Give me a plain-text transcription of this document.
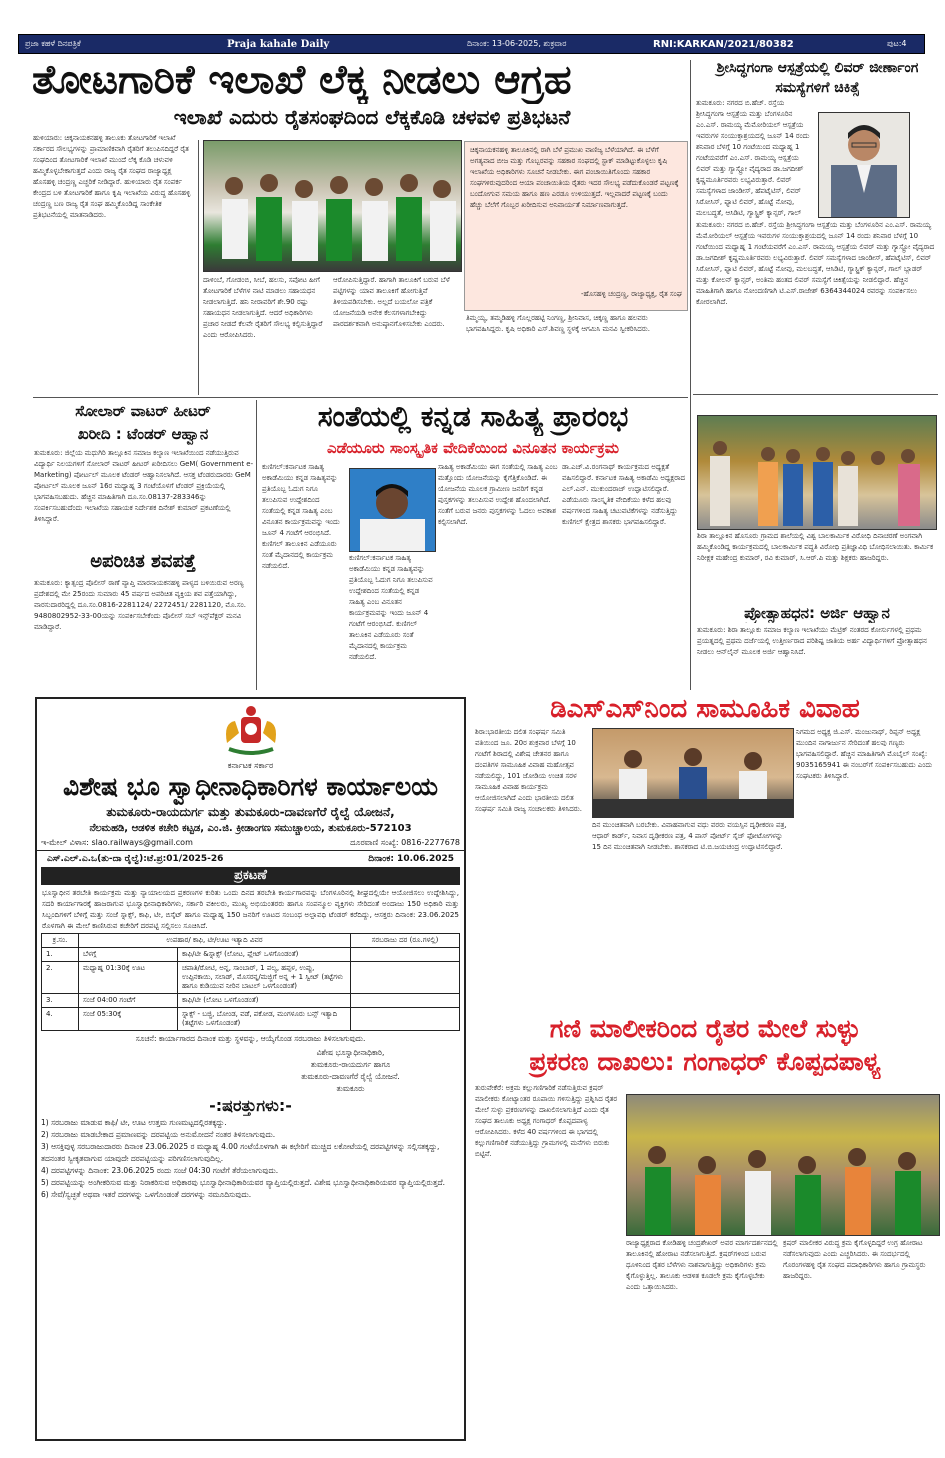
ಪ್ರಜಾ ಕಹಳೆ ದಿನಪತ್ರಿಕೆ	Praja kahale Daily	ದಿನಾಂಕ: 13-06-2025, ಶುಕ್ರವಾರ	RNI:KARKAN/2021/80382	ಪುಟ:4
ತೋಟಗಾರಿಕೆ ಇಲಾಖೆ ಲೆಕ್ಕ ನೀಡಲು ಆಗ್ರಹ
ಇಲಾಖೆ ಎದುರು ರೈತಸಂಘದಿಂದ ಲೆಕ್ಕಕೊಡಿ ಚಳವಳಿ ಪ್ರತಿಭಟನೆ
ಹುಳಿಯಾರು: ಚಿಕ್ಕನಾಯಕನಹಳ್ಳಿ ತಾಲೂಕು ತೋಟಗಾರಿಕೆ ಇಲಾಖೆ ಸರ್ಕಾರದ ಸೌಲಭ್ಯಗಳನ್ನು ಪ್ರಾಮಾಣಿಕವಾಗಿ ರೈತರಿಗೆ ತಲುಪಿಸದಿದ್ದರೆ ರೈತ ಸಂಘದಿಂದ ತೋಟಗಾರಿಕೆ ಇಲಾಖೆ ಮುಂದೆ ಲೆಕ್ಕ ಕೊಡಿ ಚಳುವಳಿ ಹಮ್ಮಿಕೊಳ್ಳಬೇಕಾಗುತ್ತದೆ ಎಂದು ರಾಜ್ಯ ರೈತ ಸಂಘದ ರಾಜ್ಯಾಧ್ಯಕ್ಷ ಹೊಸಹಳ್ಳಿ ಚಂದ್ರಣ್ಣ ಎಚ್ಚರಿಕೆ ನೀಡಿದ್ದಾರೆ. ಹುಳಿಯಾರು ರೈತ ಸಂಪರ್ಕ ಕೇಂದ್ರದ ಬಳಿ ತೋಟಗಾರಿಕೆ ಹಾಗೂ ಕೃಷಿ ಇಲಾಖೆಯ ವಿರುದ್ಧ ಹೊಸಹಳ್ಳಿ ಚಂದ್ರಣ್ಣ ಬಣ ರಾಜ್ಯ ರೈತ ಸಂಘ ಹಮ್ಮಿಕೊಂಡಿದ್ದ ಸಾಂಕೇತಿಕ ಪ್ರತಿಭಟನೆಯಲ್ಲಿ ಮಾತನಾಡಿದರು.
ದಾಳಿಂಬೆ, ಗೋಡಂಬಿ, ಸೀಬೆ, ಹಲಸು, ಸಪೋಟ ಹೀಗೆ ತೋಟಗಾರಿಕೆ ಬೆಳೆಗಳ ನಾಟಿ ಮಾಡಲು ಸಹಾಯಧನ ನೀಡಲಾಗುತ್ತಿದೆ. ಹನಿ ನೀರಾವರಿಗೆ ಶೇ.90 ರಷ್ಟು ಸಹಾಯಧನ ನೀಡಲಾಗುತ್ತಿದೆ. ಆದರೆ ಅಧಿಕಾರಿಗಳು ಪ್ರಚಾರ ನೀಡದೆ ಕೆಲವೇ ರೈತರಿಗೆ ಸೌಲಭ್ಯ ಕಲ್ಪಿಸುತ್ತಿದ್ದಾರೆ ಎಂದು ಆರೋಪಿಸಿದರು.
ಆರೋಪಿಸುತ್ತಿದ್ದಾರೆ. ಹಾಗಾಗಿ ತಾಲೂಕಿಗೆ ಬರುವ ಬೆಳೆ ಪಟ್ಟಿಗಳನ್ನು ಯಾವ ತಾಲೂಕಿಗೆ ಹೋಗುತ್ತಿವೆ ತಿಳಿಯಪಡಿಸಬೇಕು. ಅಲ್ಲದೆ ಬಯಲೋ ಪತ್ರಿಕೆ ಯೋಜನೆಯಡಿ ಅನೇಕ ಕೆಲಸಗಳಾಗಬೇಕಿದ್ದು ಪಾರದರ್ಶಕವಾಗಿ ಅನುಷ್ಠಾನಗೊಳಿಸಬೇಕು ಎಂದರು.
ಚಿಕ್ಕನಾಯಕನಹಳ್ಳಿ ತಾಲೂಕಿನಲ್ಲಿ ರಾಗಿ ಬೆಳೆ ಪ್ರಮುಖ ವಾಣಿಜ್ಯ ಬೆಳೆಯಾಗಿದೆ. ಈ ಬೆಳೆಗೆ ಅಗತ್ಯವಾದ ಬೀಜ ಮತ್ತು ಗೊಬ್ಬರವನ್ನು ಸಹಕಾರ ಸಂಘದಲ್ಲಿ ಸ್ಟಾಕ್ ಮಾಡಿಟ್ಟುಕೊಳ್ಳಲು ಕೃಷಿ ಇಲಾಖೆಯ ಅಧಿಕಾರಿಗಳು ಸೂಚನೆ ನೀಡಬೇಕು. ಈಗ ಪಂಚಾಯಿತಿಗೊಂದು ಸಹಕಾರ ಸಂಘಗಳಿರುವುದರಿಂದ ಆಯಾ ಪಂಚಾಯಿತಿಯ ರೈತರು ಇದರ ಸೌಲಭ್ಯ ಪಡೆದುಕೊಂಡರೆ ಪಟ್ಟಣಕ್ಕೆ ಬಂದೋಗುವ ಸಮಯ ಹಾಗೂ ಹಣ ಎರಡೂ ಉಳಿಯುತ್ತದೆ. ಇಲ್ಲವಾದರೆ ಪಟ್ಟಣಕ್ಕೆ ಬಂದು ಹೆಚ್ಚು ಬೆಲೆಗೆ ಗೊಬ್ಬರ ಖರೀದಿಸುವ ಅನಿವಾರ್ಯತೆ ನಿರ್ಮಾಣವಾಗುತ್ತದೆ.
-ಹೊಸಹಳ್ಳಿ ಚಂದ್ರಣ್ಣ, ರಾಜ್ಯಾಧ್ಯಕ್ಷ, ರೈತ ಸಂಘ
ತಿಮ್ಮಯ್ಯ, ತಮ್ಮಡಿಹಳ್ಳಿ ಗೊಲ್ಲರಹಟ್ಟಿ ನಿಂಗಣ್ಣ, ಶ್ರೀನಿವಾಸ, ಚಿಕ್ಕಣ್ಣ ಹಾಗೂ ಹಲವರು ಭಾಗವಹಿಸಿದ್ದರು. ಕೃಷಿ ಅಧಿಕಾರಿ ಎಸ್.ಶಿವಣ್ಣ ಸ್ಥಳಕ್ಕೆ ಆಗಮಿಸಿ ಮನವಿ ಸ್ವೀಕರಿಸಿದರು.
ಶ್ರೀಸಿದ್ಧಗಂಗಾ ಆಸ್ಪತ್ರೆಯಲ್ಲಿ ಲಿವರ್ ಜೀರ್ಣಾಂಗ ಸಮಸ್ಯೆಗಳಿಗೆ ಚಿಕಿತ್ಸೆ
ತುಮಕೂರು: ನಗರದ ಬಿ.ಹೆಚ್. ರಸ್ತೆಯ ಶ್ರೀಸಿದ್ಧಗಂಗಾ ಆಸ್ಪತ್ರೆಯ ಮತ್ತು ಬೆಂಗಳೂರಿನ ಎಂ.ಎಸ್. ರಾಮಯ್ಯ ಮೆಮೋರಿಯಲ್ ಆಸ್ಪತ್ರೆಯ ಇವರುಗಳ ಸಂಯುಕ್ತಾಶ್ರಯದಲ್ಲಿ ಜೂನ್ 14 ರಂದು ಶನಿವಾರ ಬೆಳಗ್ಗೆ 10 ಗಂಟೆಯಿಂದ ಮಧ್ಯಾಹ್ನ 1 ಗಂಟೆಯವರೆಗೆ ಎಂ.ಎಸ್. ರಾಮಯ್ಯ ಆಸ್ಪತ್ರೆಯ ಲಿವರ್ ಮತ್ತು ಗ್ಯಾಸ್ಟ್ರೋ ವೈದ್ಯರಾದ ಡಾ.ಜಗದೀಶ್ ಕೃಷ್ಣಮೂರ್ತಿರವರು ಲಭ್ಯವಿರುತ್ತಾರೆ. ಲಿವರ್ ಸಮಸ್ಯೆಗಳಾದ ಜಾಂಡೀಸ್, ಹೆಪಟೈಟಿಸ್, ಲಿವರ್ ಸಿರೋಸಿಸ್, ಫ್ಯಾಟಿ ಲಿವರ್, ಹೊಟ್ಟೆ ನೋವು, ಮಲಬದ್ಧತೆ, ಆಸಿಡಿಟಿ, ಗ್ಯಾಸ್ಟ್ರಿಕ್ ಕ್ಯಾನ್ಸರ್, ಗಾಲ್
ತುಮಕೂರು: ನಗರದ ಬಿ.ಹೆಚ್. ರಸ್ತೆಯ ಶ್ರೀಸಿದ್ಧಗಂಗಾ ಆಸ್ಪತ್ರೆಯ ಮತ್ತು ಬೆಂಗಳೂರಿನ ಎಂ.ಎಸ್. ರಾಮಯ್ಯ ಮೆಮೋರಿಯಲ್ ಆಸ್ಪತ್ರೆಯ ಇವರುಗಳ ಸಂಯುಕ್ತಾಶ್ರಯದಲ್ಲಿ ಜೂನ್ 14 ರಂದು ಶನಿವಾರ ಬೆಳಗ್ಗೆ 10 ಗಂಟೆಯಿಂದ ಮಧ್ಯಾಹ್ನ 1 ಗಂಟೆಯವರೆಗೆ ಎಂ.ಎಸ್. ರಾಮಯ್ಯ ಆಸ್ಪತ್ರೆಯ ಲಿವರ್ ಮತ್ತು ಗ್ಯಾಸ್ಟ್ರೋ ವೈದ್ಯರಾದ ಡಾ.ಜಗದೀಶ್ ಕೃಷ್ಣಮೂರ್ತಿರವರು ಲಭ್ಯವಿರುತ್ತಾರೆ. ಲಿವರ್ ಸಮಸ್ಯೆಗಳಾದ ಜಾಂಡೀಸ್, ಹೆಪಟೈಟಿಸ್, ಲಿವರ್ ಸಿರೋಸಿಸ್, ಫ್ಯಾಟಿ ಲಿವರ್, ಹೊಟ್ಟೆ ನೋವು, ಮಲಬದ್ಧತೆ, ಆಸಿಡಿಟಿ, ಗ್ಯಾಸ್ಟ್ರಿಕ್ ಕ್ಯಾನ್ಸರ್, ಗಾಲ್ ಬ್ಲಾಡರ್ ಮತ್ತು ಕೋಲನ್ ಕ್ಯಾನ್ಸರ್, ಅಂತಿಮ ಹಂತದ ಲಿವರ್ ಸಮಸ್ಯೆಗೆ ಚಿಕಿತ್ಸೆಯನ್ನು ನೀಡಲಿದ್ದಾರೆ. ಹೆಚ್ಚಿನ ಮಾಹಿತಿಗಾಗಿ ಹಾಗೂ ನೋಂದಣಿಗಾಗಿ ಟಿ.ಎಸ್.ರಾಜೇಶ್ 6364344024 ರವರನ್ನು ಸಂಪರ್ಕಿಸಲು ಕೋರಲಾಗಿದೆ.
ಶಿರಾ ತಾಲ್ಲೂಕಿನ ಹೊಸೂರು ಗ್ರಾಮದ ಶಾಲೆಯಲ್ಲಿ ವಿಶ್ವ ಬಾಲಕಾರ್ಮಿಕ ವಿರೋಧಿ ದಿನಾಚರಣೆ ಅಂಗವಾಗಿ ಹಮ್ಮಿಕೊಂಡಿದ್ದ ಕಾರ್ಯಕ್ರಮದಲ್ಲಿ ಬಾಲಕಾರ್ಮಿಕ ಪದ್ಧತಿ ವಿರೋಧಿ ಪ್ರತಿಜ್ಞಾವಿಧಿ ಬೋಧಿಸಲಾಯಿತು. ಕಾರ್ಮಿಕ ನಿರೀಕ್ಷಕ ಮಹೇಂದ್ರ ಕುಮಾರ್, ರವಿ ಕುಮಾರ್, ಸಿ.ಆರ್.ಪಿ ಮತ್ತು ಶಿಕ್ಷಕರು ಹಾಜರಿದ್ದರು.
ಪ್ರೋತ್ಸಾಹಧನ: ಅರ್ಜಿ ಆಹ್ವಾನ
ತುಮಕೂರು: ಶಿರಾ ತಾಲ್ಲೂಕು ಸಮಾಜ ಕಲ್ಯಾಣ ಇಲಾಖೆಯು ಮೆಟ್ರಿಕ್ ನಂತರದ ಕೋರ್ಸುಗಳಲ್ಲಿ ಪ್ರಥಮ ಪ್ರಯತ್ನದಲ್ಲಿ ಪ್ರಥಮ ದರ್ಜೆಯಲ್ಲಿ ಉತ್ತೀರ್ಣರಾದ ಪರಿಶಿಷ್ಟ ಜಾತಿಯ ಅರ್ಹ ವಿದ್ಯಾರ್ಥಿಗಳಿಗೆ ಪ್ರೋತ್ಸಾಹಧನ ನೀಡಲು ಆನ್‌ಲೈನ್ ಮೂಲಕ ಅರ್ಜಿ ಆಹ್ವಾನಿಸಿದೆ.
ಸೋಲಾರ್ ವಾಟರ್ ಹೀಟರ್
ಖರೀದಿ : ಟೆಂಡರ್ ಆಹ್ವಾನ
ತುಮಕೂರು: ಜಿಲ್ಲೆಯ ಮಧುಗಿರಿ ತಾಲ್ಲೂಕಿನ ಸಮಾಜ ಕಲ್ಯಾಣ ಇಲಾಖೆಯಿಂದ ನಡೆಯುತ್ತಿರುವ ವಿದ್ಯಾರ್ಥಿ ನಿಲಯಗಳಿಗೆ ಸೋಲಾರ್ ವಾಟರ್ ಹೀಟರ್ ಖರೀದಿಸಲು GeM( Government e-Marketing) ಪೋರ್ಟಲ್ ಮೂಲಕ ಟೆಂಡರ್ ಆಹ್ವಾನಿಸಲಾಗಿದೆ. ಆಸಕ್ತ ಟೆಂಡರುದಾರರು GeM ಪೋರ್ಟಲ್ ಮೂಲಕ ಜೂನ್ 16ರ ಮಧ್ಯಾಹ್ನ 3 ಗಂಟೆಯೊಳಗೆ ಟೆಂಡರ್ ಪ್ರಕ್ರಿಯೆಯಲ್ಲಿ ಭಾಗವಹಿಸಬಹುದು. ಹೆಚ್ಚಿನ ಮಾಹಿತಿಗಾಗಿ ದೂ.ಸಂ.08137-283346ನ್ನು ಸಂಪರ್ಕಿಸಬಹುದೆಂದು ಇಲಾಖೆಯ ಸಹಾಯಕ ನಿರ್ದೇಶಕ ದಿನೇಶ್ ಕುಮಾರ್ ಪ್ರಕಟಣೆಯಲ್ಲಿ ತಿಳಿಸಿದ್ದಾರೆ.
ಅಪರಿಚಿತ ಶವಪತ್ತೆ
ತುಮಕೂರು: ಕ್ಯಾತ್ಸಂದ್ರ ಪೊಲೀಸ್ ಠಾಣೆ ವ್ಯಾಪ್ತಿ ಮಾರನಾಯಕನಹಳ್ಳಿ ಪಾಳ್ಯದ ಬಳಿಯಿರುವ ಅರಣ್ಯ ಪ್ರದೇಶದಲ್ಲಿ ಮೇ 25ರಂದು ಸುಮಾರು 45 ವರ್ಷದ ಅಪರಿಚಿತ ವ್ಯಕ್ತಿಯ ಶವ ಪತ್ತೆಯಾಗಿದ್ದು, ವಾರಸುದಾರರಿದ್ದಲ್ಲಿ ದೂ.ಸಂ.0816-2281124/ 2272451/ 2281120, ಮೊ.ಸಂ. 9480802952-33-00ಯನ್ನು ಸಂಪರ್ಕಿಸಬೇಕೆಂದು ಪೊಲೀಸ್ ಸಬ್ ಇನ್ಸ್‌ಪೆಕ್ಟರ್ ಮನವಿ ಮಾಡಿದ್ದಾರೆ.
ಸಂತೆಯಲ್ಲಿ ಕನ್ನಡ ಸಾಹಿತ್ಯ ಪ್ರಾರಂಭ
ಎಡೆಯೂರು ಸಾಂಸ್ಕೃತಿಕ ವೇದಿಕೆಯಿಂದ ವಿನೂತನ ಕಾರ್ಯಕ್ರಮ
ಕುಣಿಗಲ್:ಕರ್ನಾಟಕ ಸಾಹಿತ್ಯ ಅಕಾಡೆಮಿಯು ಕನ್ನಡ ಸಾಹಿತ್ಯವನ್ನು ಪ್ರತಿಯೊಬ್ಬ ಓದುಗ ನಿಗೂ ತಲುಪಿಸುವ ಉದ್ದೇಶದಿಂದ ಸಂತೆಯಲ್ಲಿ ಕನ್ನಡ ಸಾಹಿತ್ಯ ಎಂಬ ವಿನೂತನ ಕಾರ್ಯಕ್ರಮವನ್ನು ಇಂದು ಜೂನ್ 4 ಗಂಟೆಗೆ ಆರಂಭಿಸಿದೆ. ಕುಣಿಗಲ್ ತಾಲೂಕಿನ ಎಡೆಯೂರು ಸಂತೆ ಮೈದಾನದಲ್ಲಿ ಕಾರ್ಯಕ್ರಮ ನಡೆಯಲಿದೆ.
ಕುಣಿಗಲ್:ಕರ್ನಾಟಕ ಸಾಹಿತ್ಯ ಅಕಾಡೆಮಿಯು ಕನ್ನಡ ಸಾಹಿತ್ಯವನ್ನು ಪ್ರತಿಯೊಬ್ಬ ಓದುಗ ನಿಗೂ ತಲುಪಿಸುವ ಉದ್ದೇಶದಿಂದ ಸಂತೆಯಲ್ಲಿ ಕನ್ನಡ ಸಾಹಿತ್ಯ ಎಂಬ ವಿನೂತನ ಕಾರ್ಯಕ್ರಮವನ್ನು ಇಂದು ಜೂನ್ 4 ಗಂಟೆಗೆ ಆರಂಭಿಸಿದೆ. ಕುಣಿಗಲ್ ತಾಲೂಕಿನ ಎಡೆಯೂರು ಸಂತೆ ಮೈದಾನದಲ್ಲಿ ಕಾರ್ಯಕ್ರಮ ನಡೆಯಲಿದೆ.
ಸಾಹಿತ್ಯ ಅಕಾಡೆಮಿಯು ಈಗ ಸಂತೆಯಲ್ಲಿ ಸಾಹಿತ್ಯ ಎಂಬ ಮತ್ತೊಂದು ಯೋಜನೆಯನ್ನು ಕೈಗೆತ್ತಿಕೊಂಡಿದೆ. ಈ ಯೋಜನೆಯ ಮೂಲಕ ಗ್ರಾಮೀಣ ಜನರಿಗೆ ಕನ್ನಡ ಪುಸ್ತಕಗಳನ್ನು ತಲುಪಿಸುವ ಉದ್ದೇಶ ಹೊಂದಲಾಗಿದೆ. ಸಂತೆಗೆ ಬರುವ ಜನರು ಪುಸ್ತಕಗಳನ್ನು ಓದಲು ಅವಕಾಶ ಕಲ್ಪಿಸಲಾಗಿದೆ.
ಡಾ.ಎಚ್.ವಿ.ರಂಗನಾಥ್ ಕಾರ್ಯಕ್ರಮದ ಅಧ್ಯಕ್ಷತೆ ವಹಿಸಲಿದ್ದಾರೆ. ಕರ್ನಾಟಕ ಸಾಹಿತ್ಯ ಅಕಾಡೆಮಿ ಅಧ್ಯಕ್ಷರಾದ ಎಲ್.ಎನ್. ಮುಕುಂದರಾಜ್ ಉದ್ಘಾಟಿಸಲಿದ್ದಾರೆ. ಎಡೆಯೂರು ಸಾಂಸ್ಕೃತಿಕ ವೇದಿಕೆಯು ಕಳೆದ ಹಲವು ವರ್ಷಗಳಿಂದ ಸಾಹಿತ್ಯ ಚಟುವಟಿಕೆಗಳನ್ನು ನಡೆಸುತ್ತಿದ್ದು ಕುಣಿಗಲ್ ಕ್ಷೇತ್ರದ ಶಾಸಕರು ಭಾಗವಹಿಸಲಿದ್ದಾರೆ.
ಕರ್ನಾಟಕ ಸರ್ಕಾರ
ವಿಶೇಷ ಭೂ ಸ್ವಾಧೀನಾಧಿಕಾರಿಗಳ ಕಾರ್ಯಾಲಯ
ತುಮಕೂರು-ರಾಯದುರ್ಗ ಮತ್ತು ತುಮಕೂರು-ದಾವಣಗೆರೆ ರೈಲ್ವೆ ಯೋಜನೆ,
ನೆಲಮಹಡಿ, ಆಡಳಿತ ಕಚೇರಿ ಕಟ್ಟಡ, ಎಂ.ಜಿ. ಕ್ರೀಡಾಂಗಣ ಸಮುಚ್ಚಾಲಯ, ತುಮಕೂರು-572103
ಇ-ಮೇಲ್ ವಿಳಾಸ: slao.railways@gmail.com	ದೂರವಾಣಿ ಸಂಖ್ಯೆ: 0816-2277678
ಎಸ್.ಎಲ್.ಎ.ಒ(ತು-ದಾ ರೈಲ್ವೆ):ಟೆ.ಪ್ರ:01/2025-26	ದಿನಾಂಕ: 10.06.2025
ಪ್ರಕಟಣೆ
ಭೂಸ್ವಾಧೀನ ತರಬೇತಿ ಕಾರ್ಯಕ್ರಮ ಮತ್ತು ನ್ಯಾಯಾಲಯದ ಪ್ರಕರಣಗಳ ಕುರಿತು ಒಂದು ದಿನದ ತರಬೇತಿ ಕಾರ್ಯಗಾರವನ್ನು ಬೆಂಗಳೂರಿನಲ್ಲಿ ಶೀಘ್ರದಲ್ಲಿಯೇ ಆಯೋಜಿಸಲು ಉದ್ದೇಶಿಸಿದ್ದು, ಸದರಿ ಕಾರ್ಯಾಗಾರಕ್ಕೆ ಹಾಜರಾಗುವ ಭೂಸ್ವಾಧೀನಾಧಿಕಾರಿಗಳು, ಸರ್ಕಾರಿ ವಕೀಲರು, ಮುಖ್ಯ ಅಭಿಯಂತರರು ಹಾಗೂ ಸಂಪನ್ಮೂಲ ವ್ಯಕ್ತಿಗಳು ಸೇರಿದಂತೆ ಅಂದಾಜು 150 ಅಧಿಕಾರಿ ಮತ್ತು ಸಿಬ್ಬಂದಿಗಳಿಗೆ ಬೆಳಿಗ್ಗೆ ಮತ್ತು ಸಂಜೆ ಸ್ನಾಕ್ಸ್, ಕಾಫಿ, ಟೀ, ಬಿಸ್ಕೆಟ್ ಹಾಗೂ ಮಧ್ಯಾಹ್ನ 150 ಜನರಿಗೆ ಊಟದ ಸಂಬಂಧ ಅಲ್ಪಾವಧಿ ಟೆಂಡರ್ ಕರೆದಿದ್ದು, ಆಸಕ್ತರು ದಿನಾಂಕ: 23.06.2025 ರೊಳಗಾಗಿ ಈ ಮೇಲೆ ಕಾಣಿಸಿರುವ ಕಚೇರಿಗೆ ದರಪಟ್ಟಿ ಸಲ್ಲಿಸಲು ಸೂಚಿಸಿದೆ.
ಕ್ರ.ಸಂ.	ಉಪಹಾರ/ ಕಾಫಿ, ಟೀ/ಊಟ ಇತ್ಯಾದಿ ವಿವರ		ಸರಬರಾಜು ದರ (ರೂ.ಗಳಲ್ಲಿ)
1.	ಬೆಳಗ್ಗೆ	ಕಾಫಿ/ಟೀ &ಸ್ನಾಕ್ಸ್ (ಲೋಟ, ಪ್ಲೇಟ್ ಒಳಗೊಂಡಂತೆ)	
2.	ಮಧ್ಯಾಹ್ನ 01:30ಕ್ಕೆ ಊಟ	ಚಪಾತಿ/ರೋಟಿ, ಅನ್ನ, ಸಾಂಬಾರ್, 1 ಪಲ್ಯ, ಹಪ್ಪಳ, ಉಪ್ಪು, ಉಪ್ಪಿನಕಾಯಿ, ಸಲಾಡ್, ಮೊಸರನ್ನ/ಮಜ್ಜಿಗೆ ಅನ್ನ + 1 ಸ್ವೀಟ್ (ತಟ್ಟೆಗಳು ಹಾಗೂ ಕುಡಿಯುವ ನೀರಿನ ಬಾಟಲ್ ಒಳಗೊಂಡಂತೆ)	
3.	ಸಂಜೆ 04:00 ಗಂಟೆಗೆ	ಕಾಫಿ/ಟೀ (ಲೋಟ ಒಳಗೊಂಡಂತೆ)	
4.	ಸಂಜೆ 05:30ಕ್ಕೆ	ಸ್ನಾಕ್ಸ್ - ಬಜ್ಜಿ, ಬೋಂಡ, ವಡೆ, ಪಕೋಡ, ಮಂಗಳೂರು ಬನ್ಸ್ ಇತ್ಯಾದಿ (ತಟ್ಟೆಗಳು ಒಳಗೊಂಡಂತೆ)	
ಸೂಚನೆ: ಕಾರ್ಯಾಗಾರದ ದಿನಾಂಕ ಮತ್ತು ಸ್ಥಳವನ್ನು, ಆಯ್ಕೆಗೊಂಡ ಸರಬರಾಜು ತಿಳಿಸಲಾಗುವುದು.
ವಿಶೇಷ ಭೂಸ್ವಾಧೀನಾಧಿಕಾರಿ,
ತುಮಕೂರು-ರಾಯದುರ್ಗ ಹಾಗೂ
ತುಮಕೂರು-ದಾವಣಗೆರೆ ರೈಲ್ವೆ ಯೋಜನೆ.
ತುಮಕೂರು
-:ಷರತ್ತುಗಳು:-
1) ಸರಬರಾಜು ಮಾಡುವ ಕಾಫಿ/ ಟೀ, ಊಟ ಉತ್ತಮ ಗುಣಮಟ್ಟದಲ್ಲಿರತಕ್ಕದ್ದು.
2) ಸರಬರಾಜು ಮಾಡಬೇಕಾದ ಪ್ರಮಾಣವನ್ನು ದರಪಟ್ಟಿಯ ಅನುಮೋದನೆ ನಂತರ ತಿಳಿಸಲಾಗುವುದು.
3) ಆಸಕ್ತಿವುಳ್ಳ ಸರಬರಾಜುದಾರರು ದಿನಾಂಕ 23.06.2025 ರ ಮಧ್ಯಾಹ್ನ 4.00 ಗಂಟೆಯೊಳಗಾಗಿ ಈ ಕಛೇರಿಗೆ ಮುಚ್ಚಿದ ಲಕೋಟೆಯಲ್ಲಿ ದರಪಟ್ಟಿಗಳನ್ನು ಸಲ್ಲಿಸತಕ್ಕದ್ದು, ತದನಂತರ ಸ್ವೀಕೃತವಾಗುವ ಯಾವುದೇ ದರಪಟ್ಟಿಯನ್ನು ಪರಿಗಣಿಸಲಾಗುವುದಿಲ್ಲ.
4) ದರಪಟ್ಟಿಗಳನ್ನು ದಿನಾಂಕ: 23.06.2025 ರಂದು ಸಂಜೆ 04:30 ಗಂಟೆಗೆ ತೆರೆಯಲಾಗುವುದು.
5) ದರಪಟ್ಟಿಯನ್ನು ಅಂಗೀಕರಿಸುವ ಮತ್ತು ನಿರಾಕರಿಸುವ ಅಧಿಕಾರವು ಭೂಸ್ವಾಧೀನಾಧಿಕಾರಿಯವರ ವ್ಯಾಪ್ತಿಯಲ್ಲಿರುತ್ತದೆ. ವಿಶೇಷ ಭೂಸ್ವಾಧೀನಾಧಿಕಾರಿಯವರ ವ್ಯಾಪ್ತಿಯಲ್ಲಿರುತ್ತದೆ.
6) ಸೇವೆ/ಸ್ವಚ್ಛತೆ ಅಥವಾ ಇತರೆ ದರಗಳನ್ನು ಒಳಗೊಂಡಂತೆ ದರಗಳನ್ನು ನಮೂದಿಸುವುದು.
ಡಿಎಸ್‌ಎಸ್‌ನಿಂದ ಸಾಮೂಹಿಕ ವಿವಾಹ
ಶಿರಾ:ಭಾರತೀಯ ದಲಿತ ಸಂಘರ್ಷ ಸಮಿತಿ ವತಿಯಿಂದ ಜೂ. 20ರ ಶುಕ್ರವಾರ ಬೆಳಗ್ಗೆ 10 ಗಂಟೆಗೆ ಶಿರಾದಲ್ಲಿ ವಿಶೇಷ ಚೇತನರ ಹಾಗೂ ದಂಪತಿಗಳ ಸಾಮೂಹಿಕ ವಿವಾಹ ಮಹೋತ್ಸವ ನಡೆಯಲಿದ್ದು, 101 ಜೋಡಿಯ ಉಚಿತ ಸರಳ ಸಾಮೂಹಿಕ ವಿವಾಹ ಕಾರ್ಯಕ್ರಮ ಆಯೋಜಿಸಲಾಗಿದೆ ಎಂದು ಭಾರತೀಯ ದಲಿತ ಸಂಘರ್ಷ ಸಮಿತಿ ರಾಜ್ಯ ಸಂಚಾಲಕರು ತಿಳಿಸಿದರು.
ದಿನ ಮುಂಚಿತವಾಗಿ ಬರಬೇಕು. ವಿವಾಹವಾಗುವ ವಧು ವರರು ವಯಸ್ಸಿನ ದೃಢೀಕರಣ ಪತ್ರ, ಆಧಾರ್ ಕಾರ್ಡ್, ನಿವಾಸ ದೃಢೀಕರಣ ಪತ್ರ, 4 ಪಾಸ್ ಪೋರ್ಟ್ ಸೈಜ್ ಫೋಟೋಗಳನ್ನು 15 ದಿನ ಮುಂಚಿತವಾಗಿ ನೀಡಬೇಕು. ಶಾಸಕರಾದ ಟಿ.ಬಿ.ಜಯಚಂದ್ರ ಉದ್ಘಾಟಿಸಲಿದ್ದಾರೆ.
ನಿಗಮದ ಅಧ್ಯಕ್ಷ ಜಿ.ಎಸ್. ಮಂಜುನಾಥ್, ರಿಪ್ಪನ್ ಅಧ್ಯಕ್ಷ ಮುಂದಿನ ನಾಗಾರ್ಜುನ ಸೇರಿದಂತೆ ಹಲವು ಗಣ್ಯರು ಭಾಗವಹಿಸಲಿದ್ದಾರೆ. ಹೆಚ್ಚಿನ ಮಾಹಿತಿಗಾಗಿ ಮೊಬೈಲ್ ಸಂಖ್ಯೆ: 9035165941 ಈ ನಂಬರ್‌ಗೆ ಸಂಪರ್ಕಿಸಬಹುದು ಎಂದು ಸಂಘಟಕರು ತಿಳಿಸಿದ್ದಾರೆ.
ಗಣಿ ಮಾಲೀಕರಿಂದ ರೈತರ ಮೇಲೆ ಸುಳ್ಳು
ಪ್ರಕರಣ ದಾಖಲು: ಗಂಗಾಧರ್ ಕೊಪ್ಪದಪಾಳ್ಯ
ತುರುವೇಕೆರೆ: ಅಕ್ರಮ ಕಲ್ಲುಗಣಿಗಾರಿಕೆ ನಡೆಸುತ್ತಿರುವ ಕ್ರಷರ್ ಮಾಲೀಕರು ಕೋಟ್ಯಾಂತರ ರೂಪಾಯಿ ಗಳಿಸುತ್ತಿದ್ದು ಪ್ರಶ್ನಿಸಿದ ರೈತರ ಮೇಲೆ ಸುಳ್ಳು ಪ್ರಕರಣಗಳನ್ನು ದಾಖಲಿಸಲಾಗುತ್ತಿದೆ ಎಂದು ರೈತ ಸಂಘದ ತಾಲೂಕು ಅಧ್ಯಕ್ಷ ಗಂಗಾಧರ್ ಕೊಪ್ಪದಪಾಳ್ಯ ಆರೋಪಿಸಿದರು. ಕಳೆದ 40 ವರ್ಷಗಳಿಂದ ಈ ಭಾಗದಲ್ಲಿ ಕಲ್ಲುಗಣಿಗಾರಿಕೆ ನಡೆಯುತ್ತಿದ್ದು ಗ್ರಾಮಗಳಲ್ಲಿ ಮನೆಗಳು ಬಿರುಕು ಬಿಟ್ಟಿವೆ.
ರಾಜ್ಯಾಧ್ಯಕ್ಷರಾದ ಕೋಡಿಹಳ್ಳಿ ಚಂದ್ರಶೇಖರ್ ಅವರ ಮಾರ್ಗದರ್ಶನದಲ್ಲಿ ತಾಲೂಕಿನಲ್ಲಿ ಹೋರಾಟ ನಡೆಸಲಾಗುತ್ತಿದೆ. ಕ್ರಷರ್‌ಗಳಿಂದ ಬರುವ ಧೂಳಿನಿಂದ ರೈತರ ಬೆಳೆಗಳು ನಾಶವಾಗುತ್ತಿದ್ದು ಅಧಿಕಾರಿಗಳು ಕ್ರಮ ಕೈಗೊಳ್ಳುತ್ತಿಲ್ಲ. ತಾಲೂಕು ಆಡಳಿತ ಕೂಡಲೇ ಕ್ರಮ ಕೈಗೊಳ್ಳಬೇಕು ಎಂದು ಒತ್ತಾಯಿಸಿದರು.
ಕ್ರಷರ್ ಮಾಲೀಕರ ವಿರುದ್ಧ ಕ್ರಮ ಕೈಗೊಳ್ಳದಿದ್ದರೆ ಉಗ್ರ ಹೋರಾಟ ನಡೆಸಲಾಗುವುದು ಎಂದು ಎಚ್ಚರಿಸಿದರು. ಈ ಸಂದರ್ಭದಲ್ಲಿ ಗೊರಂಗಳಹಳ್ಳಿ ರೈತ ಸಂಘದ ಪದಾಧಿಕಾರಿಗಳು ಹಾಗೂ ಗ್ರಾಮಸ್ಥರು ಹಾಜರಿದ್ದರು.
